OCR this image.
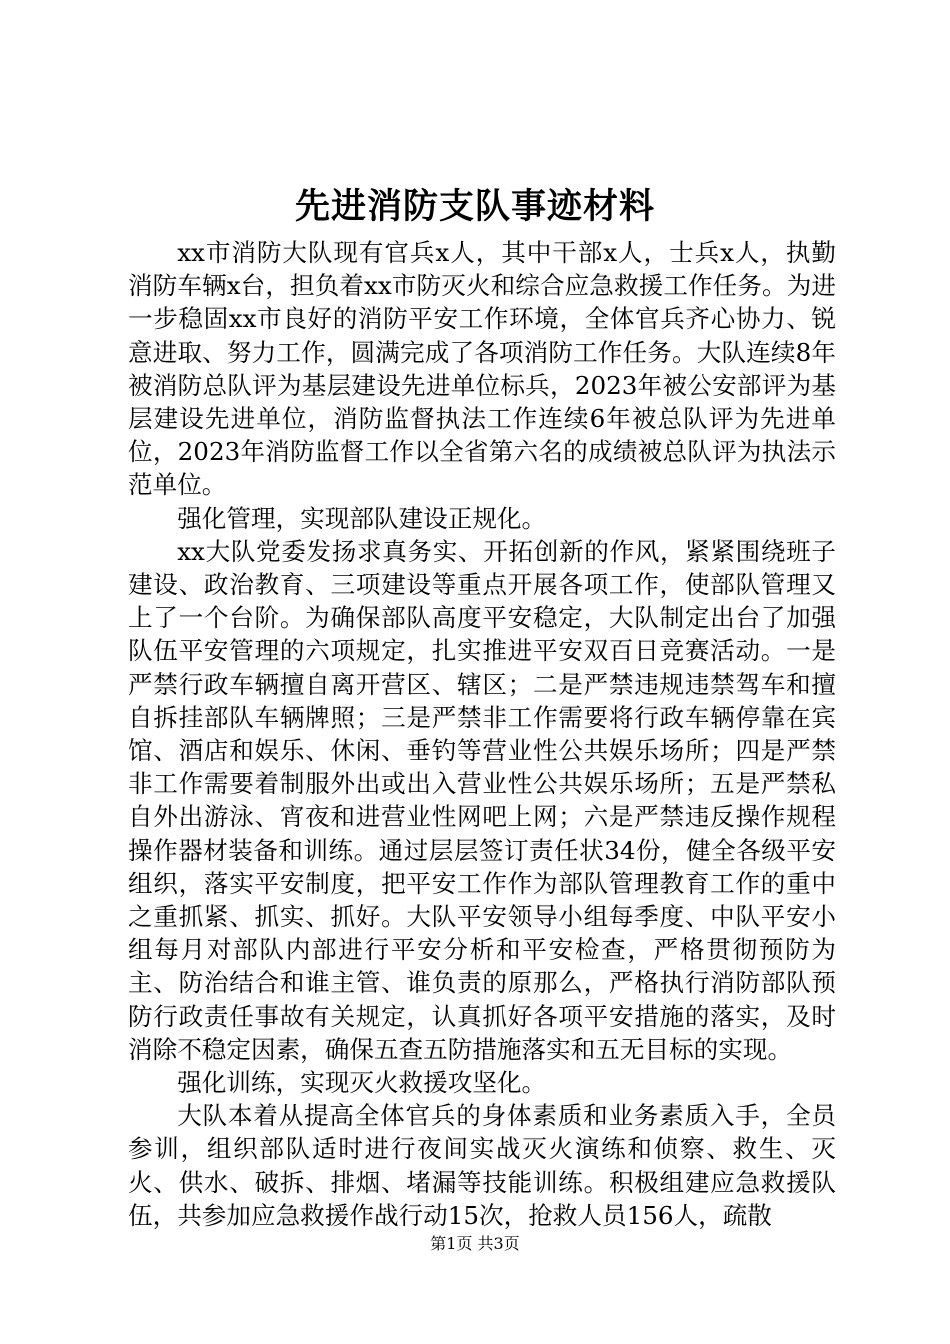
先进消防支队事迹材料

xx市消防大队现有官兵x人，其中干部x人，士兵x人，执勤消防车辆x台，担负着xx市防灭火和综合应急救援工作任务。为进一步稳固xx市良好的消防平安工作环境，全体官兵齐心协力、锐意进取、努力工作，圆满完成了各项消防工作任务。大队连续8年被消防总队评为基层建设先进单位标兵，2023年被公安部评为基层建设先进单位，消防监督执法工作连续6年被总队评为先进单位，2023年消防监督工作以全省第六名的成绩被总队评为执法示范单位。

强化管理，实现部队建设正规化。

xx大队党委发扬求真务实、开拓创新的作风，紧紧围绕班子建设、政治教育、三项建设等重点开展各项工作，使部队管理又上了一个台阶。为确保部队高度平安稳定，大队制定出台了加强队伍平安管理的六项规定，扎实推进平安双百日竞赛活动。一是严禁行政车辆擅自离开营区、辖区；二是严禁违规违禁驾车和擅自拆挂部队车辆牌照；三是严禁非工作需要将行政车辆停靠在宾馆、酒店和娱乐、休闲、垂钓等营业性公共娱乐场所；四是严禁非工作需要着制服外出或出入营业性公共娱乐场所；五是严禁私自外出游泳、宵夜和进营业性网吧上网；六是严禁违反操作规程操作器材装备和训练。通过层层签订责任状34份，健全各级平安组织，落实平安制度，把平安工作作为部队管理教育工作的重中之重抓紧、抓实、抓好。大队平安领导小组每季度、中队平安小组每月对部队内部进行平安分析和平安检查，严格贯彻预防为主、防治结合和谁主管、谁负责的原那么，严格执行消防部队预防行政责任事故有关规定，认真抓好各项平安措施的落实，及时消除不稳定因素，确保五查五防措施落实和五无目标的实现。

强化训练，实现灭火救援攻坚化。

大队本着从提高全体官兵的身体素质和业务素质入手，全员参训，组织部队适时进行夜间实战灭火演练和侦察、救生、灭火、供水、破拆、排烟、堵漏等技能训练。积极组建应急救援队伍，共参加应急救援作战行动15次，抢救人员156人，疏散

第1页 共3页
